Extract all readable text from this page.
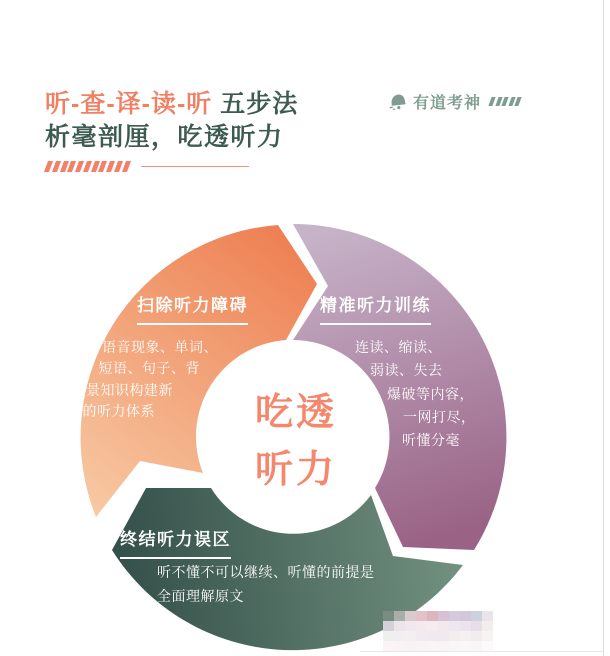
听-查-译-读-听 五步法
析毫剖厘，吃透听力
有道考神
扫除听力障碍
语音现象、单词、
短语、句子、背
景知识构建新
的听力体系
精准听力训练
连读、缩读、
弱读、失去
爆破等内容，
一网打尽，
听懂分毫
终结听力误区
听不懂不可以继续、听懂的前提是
全面理解原文
吃透
听力
